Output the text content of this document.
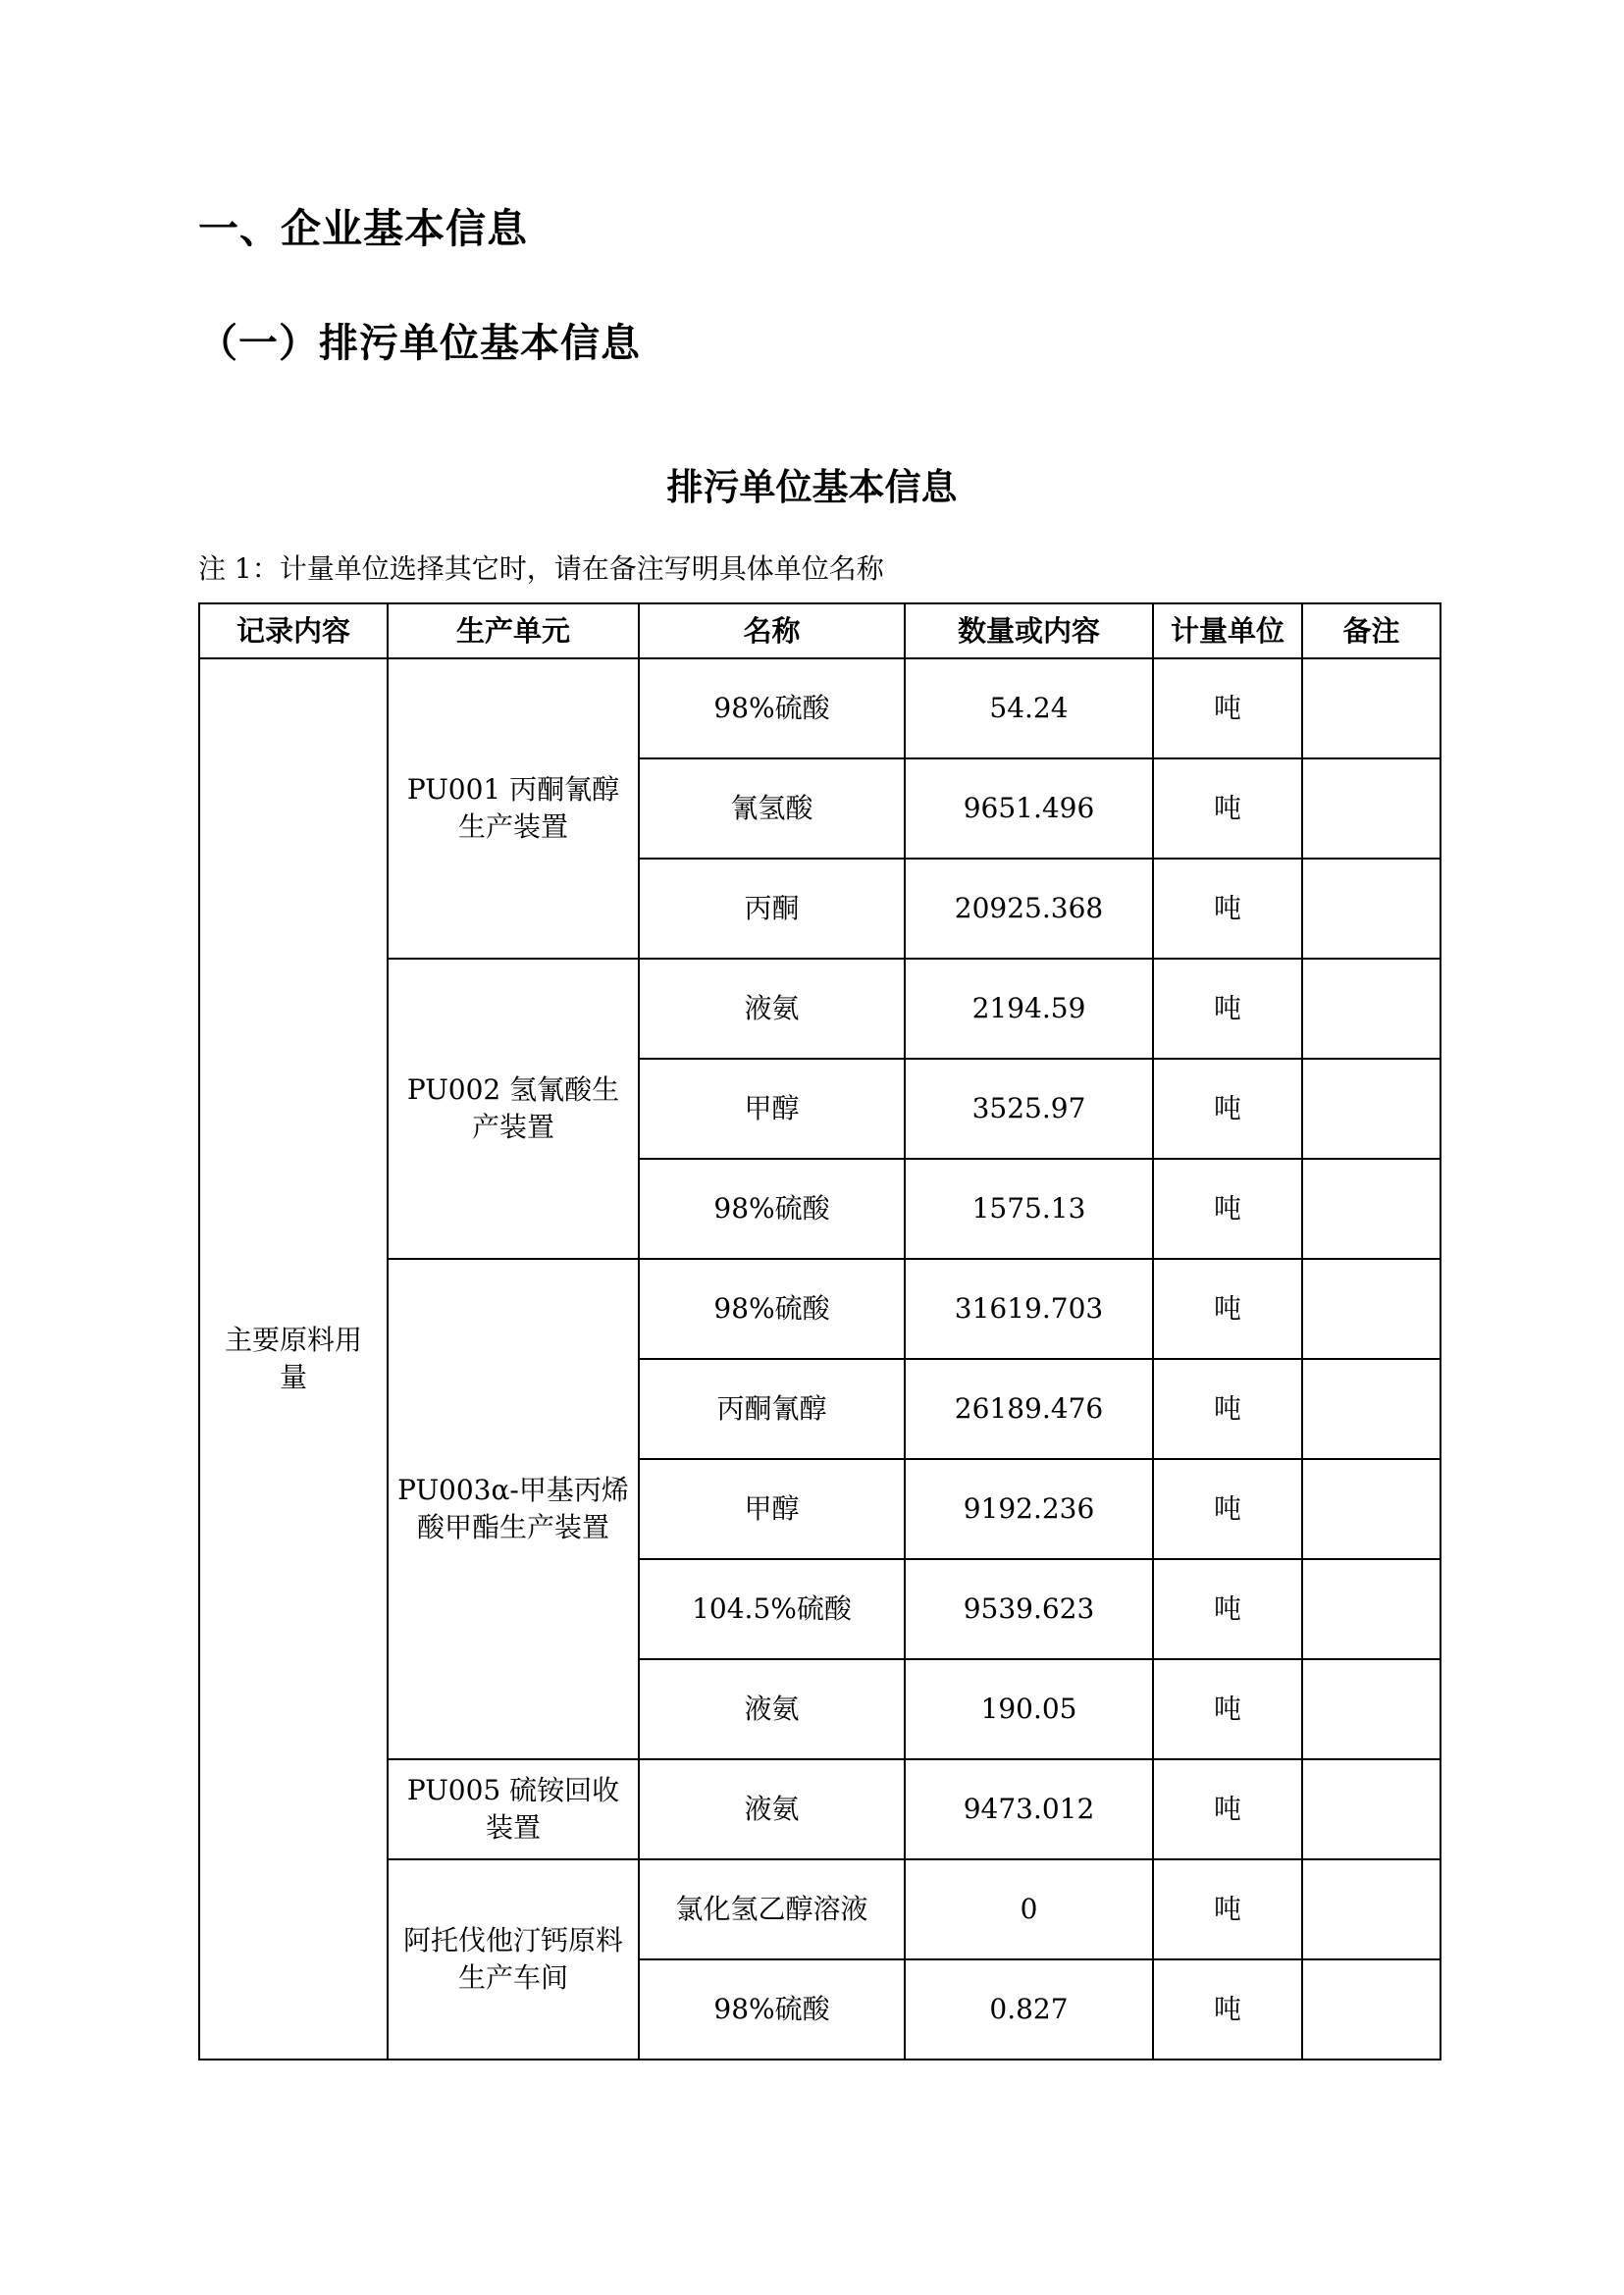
一、企业基本信息
（一）排污单位基本信息
排污单位基本信息
注 1：计量单位选择其它时，请在备注写明具体单位名称
记录内容	生产单元	名称	数量或内容	计量单位	备注
主要原料用量	PU001 丙酮氰醇生产装置	98%硫酸	54.24	吨	
		氰氢酸	9651.496	吨	
		丙酮	20925.368	吨	
	PU002 氢氰酸生产装置	液氨	2194.59	吨	
		甲醇	3525.97	吨	
		98%硫酸	1575.13	吨	
	PU003α-甲基丙烯酸甲酯生产装置	98%硫酸	31619.703	吨	
		丙酮氰醇	26189.476	吨	
		甲醇	9192.236	吨	
		104.5%硫酸	9539.623	吨	
		液氨	190.05	吨	
	PU005 硫铵回收装置	液氨	9473.012	吨	
	阿托伐他汀钙原料生产车间	氯化氢乙醇溶液	0	吨	
		98%硫酸	0.827	吨	
